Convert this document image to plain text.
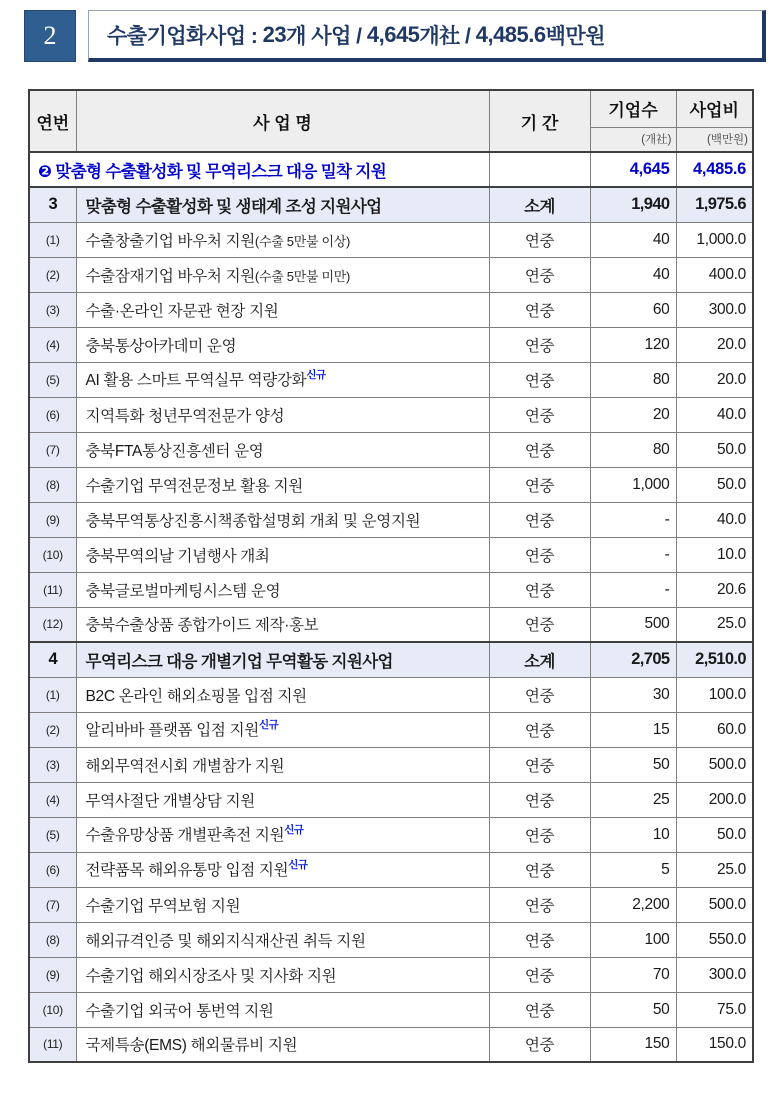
2 수출기업화사업 : 23 개 사업 / 4,645 개社 / 4,485.6 백만원
연번	사 업 명	기 간	기업수	사업비
			(개社)	(백만원)
❷ 맞춤형 수출활성화 및 무역리스크 대응 밀착 지원			4,645	4,485.6
3	맞춤형 수출활성화 및 생태계 조성 지원사업	소계	1,940	1,975.6
(1)	수출창출기업 바우처 지원(수출 5만불 이상)	연중	40	1,000.0
(2)	수출잠재기업 바우처 지원(수출 5만불 미만)	연중	40	400.0
(3)	수출·온라인 자문관 현장 지원	연중	60	300.0
(4)	충북통상아카데미 운영	연중	120	20.0
(5)	AI 활용 스마트 무역실무 역량강화$^{신규}$	연중	80	20.0
(6)	지역특화 청년무역전문가 양성	연중	20	40.0
(7)	충북FTA통상진흥센터 운영	연중	80	50.0
(8)	수출기업 무역전문정보 활용 지원	연중	1,000	50.0
(9)	충북무역통상진흥시책종합설명회 개최 및 운영지원	연중	-	40.0
(10)	충북무역의날 기념행사 개최	연중	-	10.0
(11)	충북글로벌마케팅시스템 운영	연중	-	20.6
(12)	충북수출상품 종합가이드 제작·홍보	연중	500	25.0
4	무역리스크 대응 개별기업 무역활동 지원사업	소계	2,705	2,510.0
(1)	B2C 온라인 해외쇼핑몰 입점 지원	연중	30	100.0
(2)	알리바바 플랫폼 입점 지원$^{신규}$	연중	15	60.0
(3)	해외무역전시회 개별참가 지원	연중	50	500.0
(4)	무역사절단 개별상담 지원	연중	25	200.0
(5)	수출유망상품 개별판촉전 지원$^{신규}$	연중	10	50.0
(6)	전략품목 해외유통망 입점 지원$^{신규}$	연중	5	25.0
(7)	수출기업 무역보험 지원	연중	2,200	500.0
(8)	해외규격인증 및 해외지식재산권 취득 지원	연중	100	550.0
(9)	수출기업 해외시장조사 및 지사화 지원	연중	70	300.0
(10)	수출기업 외국어 통번역 지원	연중	50	75.0
(11)	국제특송(EMS) 해외물류비 지원	연중	150	150.0
